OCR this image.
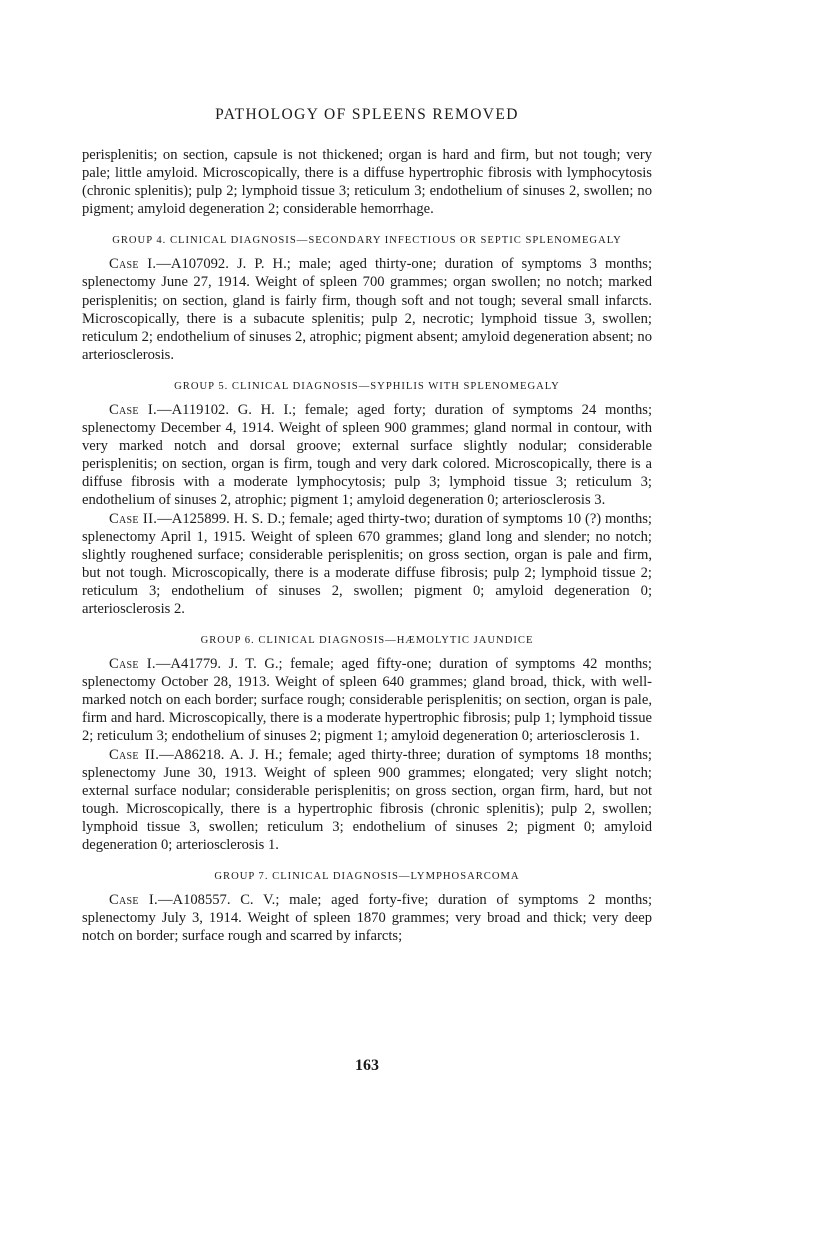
PATHOLOGY OF SPLEENS REMOVED

perisplenitis; on section, capsule is not thickened; organ is hard and firm, but not tough; very pale; little amyloid. Microscopically, there is a diffuse hypertrophic fibrosis with lymphocytosis (chronic splenitis); pulp 2; lymphoid tissue 3; reticulum 3; endothelium of sinuses 2, swollen; no pigment; amyloid degeneration 2; considerable hemorrhage.

GROUP 4. CLINICAL DIAGNOSIS—SECONDARY INFECTIOUS OR SEPTIC SPLENOMEGALY

Case I.—A107092. J. P. H.; male; aged thirty-one; duration of symptoms 3 months; splenectomy June 27, 1914. Weight of spleen 700 grammes; organ swollen; no notch; marked perisplenitis; on section, gland is fairly firm, though soft and not tough; several small infarcts. Microscopically, there is a subacute splenitis; pulp 2, necrotic; lymphoid tissue 3, swollen; reticulum 2; endothelium of sinuses 2, atrophic; pigment absent; amyloid degeneration absent; no arteriosclerosis.

GROUP 5. CLINICAL DIAGNOSIS—SYPHILIS WITH SPLENOMEGALY

Case I.—A119102. G. H. I.; female; aged forty; duration of symptoms 24 months; splenectomy December 4, 1914. Weight of spleen 900 grammes; gland normal in contour, with very marked notch and dorsal groove; external surface slightly nodular; considerable perisplenitis; on section, organ is firm, tough and very dark colored. Microscopically, there is a diffuse fibrosis with a moderate lymphocytosis; pulp 3; lymphoid tissue 3; reticulum 3; endothelium of sinuses 2, atrophic; pigment 1; amyloid degeneration 0; arteriosclerosis 3.

Case II.—A125899. H. S. D.; female; aged thirty-two; duration of symptoms 10 (?) months; splenectomy April 1, 1915. Weight of spleen 670 grammes; gland long and slender; no notch; slightly roughened surface; considerable perisplenitis; on gross section, organ is pale and firm, but not tough. Microscopically, there is a moderate diffuse fibrosis; pulp 2; lymphoid tissue 2; reticulum 3; endothelium of sinuses 2, swollen; pigment 0; amyloid degeneration 0; arteriosclerosis 2.

GROUP 6. CLINICAL DIAGNOSIS—HÆMOLYTIC JAUNDICE

Case I.—A41779. J. T. G.; female; aged fifty-one; duration of symptoms 42 months; splenectomy October 28, 1913. Weight of spleen 640 grammes; gland broad, thick, with well-marked notch on each border; surface rough; considerable perisplenitis; on section, organ is pale, firm and hard. Microscopically, there is a moderate hypertrophic fibrosis; pulp 1; lymphoid tissue 2; reticulum 3; endothelium of sinuses 2; pigment 1; amyloid degeneration 0; arteriosclerosis 1.

Case II.—A86218. A. J. H.; female; aged thirty-three; duration of symptoms 18 months; splenectomy June 30, 1913. Weight of spleen 900 grammes; elongated; very slight notch; external surface nodular; considerable perisplenitis; on gross section, organ firm, hard, but not tough. Microscopically, there is a hypertrophic fibrosis (chronic splenitis); pulp 2, swollen; lymphoid tissue 3, swollen; reticulum 3; endothelium of sinuses 2; pigment 0; amyloid degeneration 0; arteriosclerosis 1.

GROUP 7. CLINICAL DIAGNOSIS—LYMPHOSARCOMA

Case I.—A108557. C. V.; male; aged forty-five; duration of symptoms 2 months; splenectomy July 3, 1914. Weight of spleen 1870 grammes; very broad and thick; very deep notch on border; surface rough and scarred by infarcts;

163
